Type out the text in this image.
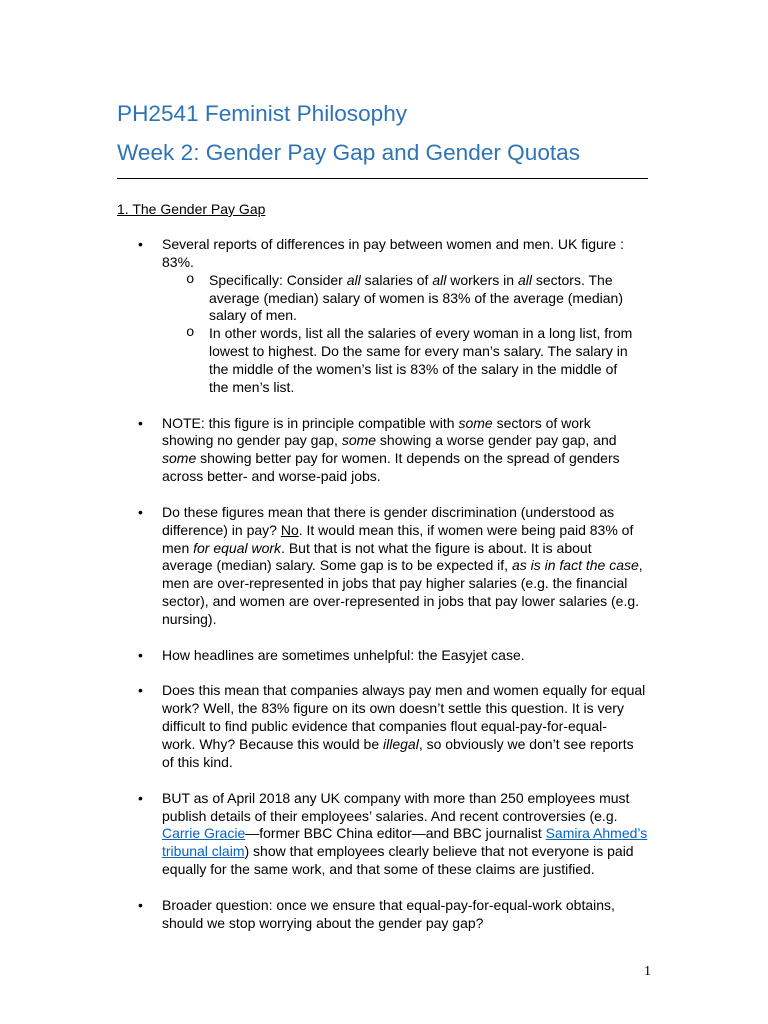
PH2541 Feminist Philosophy
Week 2: Gender Pay Gap and Gender Quotas
1. The Gender Pay Gap
• Several reports of differences in pay between women and men. UK figure :
83%.
o Specifically: Consider all salaries of all workers in all sectors. The
average (median) salary of women is 83% of the average (median)
salary of men.
o In other words, list all the salaries of every woman in a long list, from
lowest to highest. Do the same for every man’s salary. The salary in
the middle of the women’s list is 83% of the salary in the middle of
the men’s list.
• NOTE: this figure is in principle compatible with some sectors of work
showing no gender pay gap, some showing a worse gender pay gap, and
some showing better pay for women. It depends on the spread of genders
across better- and worse-paid jobs.
• Do these figures mean that there is gender discrimination (understood as
difference) in pay? No. It would mean this, if women were being paid 83% of
men for equal work. But that is not what the figure is about. It is about
average (median) salary. Some gap is to be expected if, as is in fact the case,
men are over-represented in jobs that pay higher salaries (e.g. the financial
sector), and women are over-represented in jobs that pay lower salaries (e.g.
nursing).
• How headlines are sometimes unhelpful: the Easyjet case.
• Does this mean that companies always pay men and women equally for equal
work? Well, the 83% figure on its own doesn’t settle this question. It is very
difficult to find public evidence that companies flout equal-pay-for-equal-
work. Why? Because this would be illegal, so obviously we don’t see reports
of this kind.
• BUT as of April 2018 any UK company with more than 250 employees must
publish details of their employees’ salaries. And recent controversies (e.g.
Carrie Gracie—former BBC China editor—and BBC journalist Samira Ahmed’s
tribunal claim) show that employees clearly believe that not everyone is paid
equally for the same work, and that some of these claims are justified.
• Broader question: once we ensure that equal-pay-for-equal-work obtains,
should we stop worrying about the gender pay gap?
1
